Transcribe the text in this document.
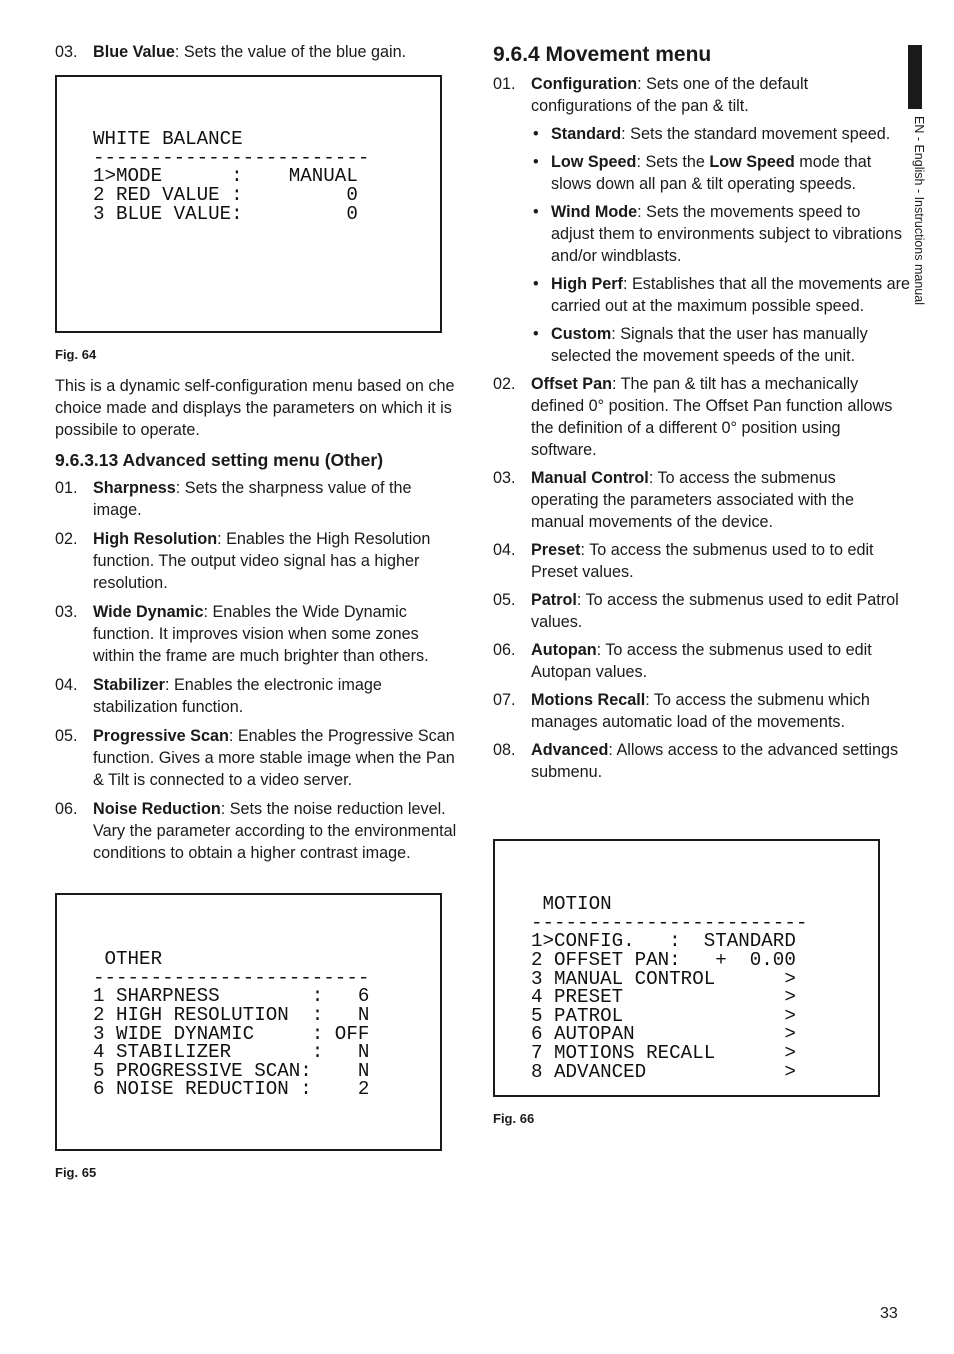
03. Blue Value: Sets the value of the blue gain.

WHITE BALANCE
------------------------
1>MODE      :    MANUAL
2 RED VALUE :         0
3 BLUE VALUE:         0

Fig. 64
This is a dynamic self-configuration menu based on che choice made and displays the parameters on which it is possibile to operate.
9.6.3.13 Advanced setting menu (Other)
01. Sharpness: Sets the sharpness value of the image.
02. High Resolution: Enables the High Resolution function. The output video signal has a higher resolution.
03. Wide Dynamic: Enables the Wide Dynamic function. It improves vision when some zones within the frame are much brighter than others.
04. Stabilizer: Enables the electronic image stabilization function.
05. Progressive Scan: Enables the Progressive Scan function. Gives a more stable image when the Pan & Tilt is connected to a video server.
06. Noise Reduction: Sets the noise reduction level. Vary the parameter according to the environmental conditions to obtain a higher contrast image.

OTHER
------------------------
1 SHARPNESS        :   6
2 HIGH RESOLUTION  :   N
3 WIDE DYNAMIC     : OFF
4 STABILIZER       :   N
5 PROGRESSIVE SCAN:    N
6 NOISE REDUCTION :    2

Fig. 65
9.6.4 Movement menu
01. Configuration: Sets one of the default configurations of the pan & tilt.
• Standard: Sets the standard movement speed.
• Low Speed: Sets the Low Speed mode that slows down all pan & tilt operating speeds.
• Wind Mode: Sets the movements speed to adjust them to environments subject to vibrations and/or windblasts.
• High Perf: Establishes that all the movements are carried out at the maximum possible speed.
• Custom: Signals that the user has manually selected the movement speeds of the unit.
02. Offset Pan: The pan & tilt has a mechanically defined 0° position. The Offset Pan function allows the definition of a different 0° position using software.
03. Manual Control: To access the submenus operating the parameters associated with the manual movements of the device.
04. Preset: To access the submenus used to to edit Preset values.
05. Patrol: To access the submenus used to edit Patrol values.
06. Autopan: To access the submenus used to edit Autopan values.
07. Motions Recall: To access the submenu which manages automatic load of the movements.
08. Advanced: Allows access to the advanced settings submenu.

MOTION
------------------------
1>CONFIG.   :  STANDARD
2 OFFSET PAN:   +  0.00
3 MANUAL CONTROL      >
4 PRESET              >
5 PATROL              >
6 AUTOPAN             >
7 MOTIONS RECALL      >
8 ADVANCED            >

Fig. 66
EN - English - Instructions manual
33
